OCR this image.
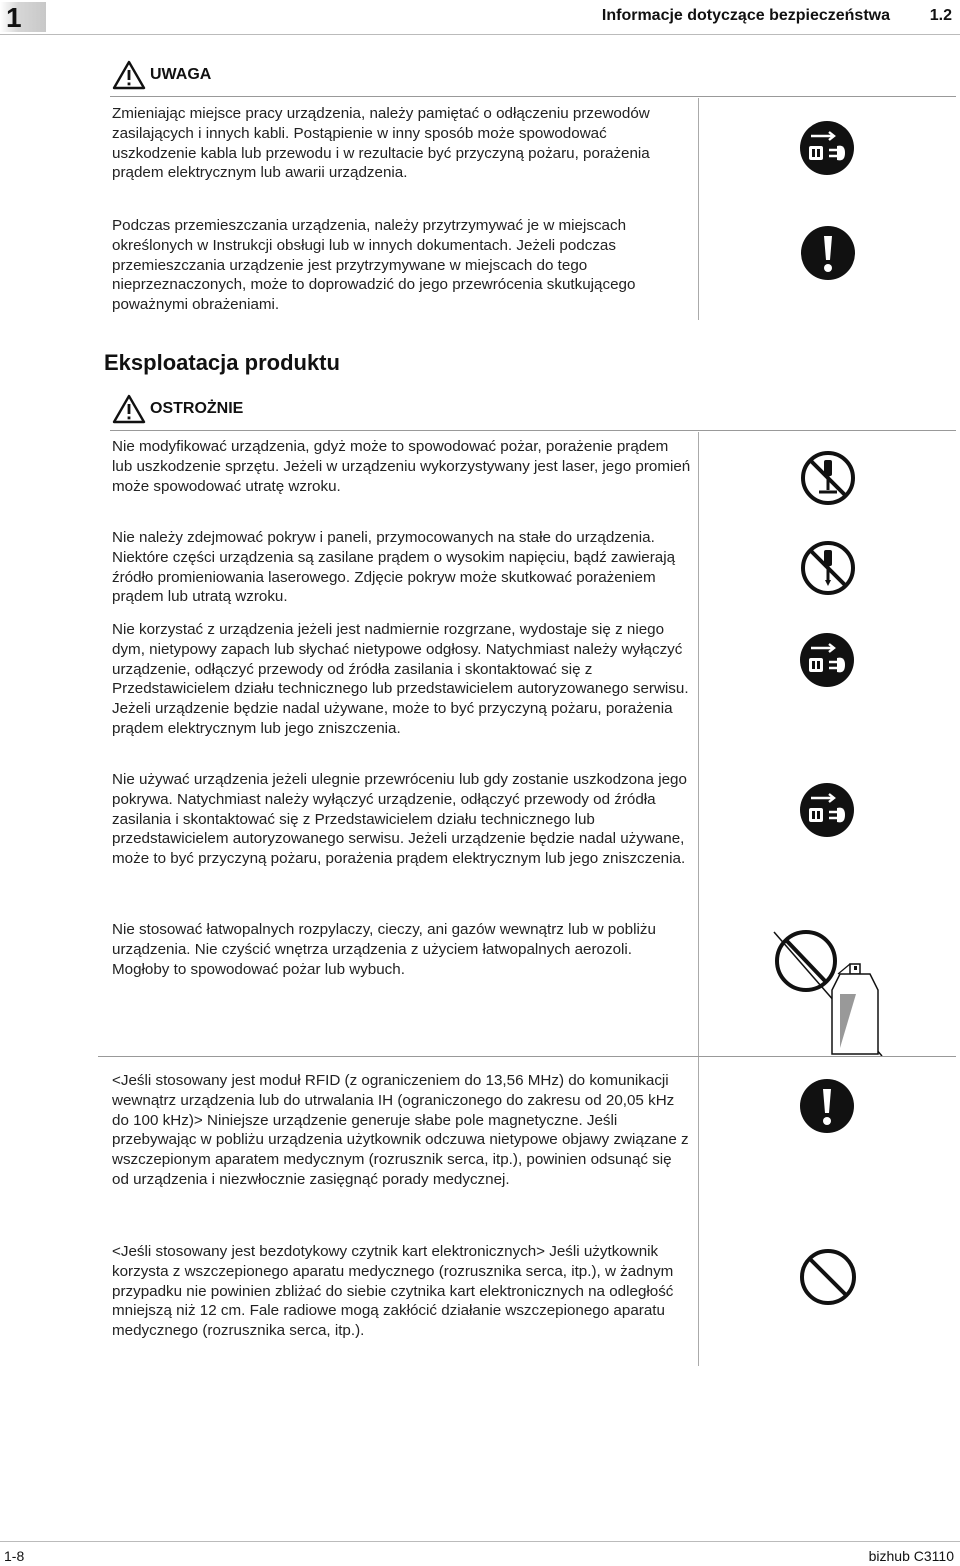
1	Informacje dotyczące bezpieczeństwa 1.2
UWAGA

Zmieniając miejsce pracy urządzenia, należy pamiętać o odłączeniu przewodów zasilających i innych kabli. Postąpienie w inny sposób może spowodować uszkodzenie kabla lub przewodu i w rezultacie być przyczyną pożaru, porażenia prądem elektrycznym lub awarii urządzenia.

Podczas przemieszczania urządzenia, należy przytrzymywać je w miejscach określonych w Instrukcji obsługi lub w innych dokumentach. Jeżeli podczas przemieszczania urządzenie jest przytrzymywane w miejscach do tego nieprzeznaczonych, może to doprowadzić do jego przewrócenia skutkującego poważnymi obrażeniami.

Eksploatacja produktu
OSTROŻNIE

Nie modyfikować urządzenia, gdyż może to spowodować pożar, porażenie prądem lub uszkodzenie sprzętu. Jeżeli w urządzeniu wykorzystywany jest laser, jego promień może spowodować utratę wzroku.

Nie należy zdejmować pokryw i paneli, przymocowanych na stałe do urządzenia. Niektóre części urządzenia są zasilane prądem o wysokim napięciu, bądź zawierają źródło promieniowania laserowego. Zdjęcie pokryw może skutkować porażeniem prądem lub utratą wzroku.

Nie korzystać z urządzenia jeżeli jest nadmiernie rozgrzane, wydostaje się z niego dym, nietypowy zapach lub słychać nietypowe odgłosy. Natychmiast należy wyłączyć urządzenie, odłączyć przewody od źródła zasilania i skontaktować się z Przedstawicielem działu technicznego lub przedstawicielem autoryzowanego serwisu. Jeżeli urządzenie będzie nadal używane, może to być przyczyną pożaru, porażenia prądem elektrycznym lub jego zniszczenia.

Nie używać urządzenia jeżeli ulegnie przewróceniu lub gdy zostanie uszkodzona jego pokrywa. Natychmiast należy wyłączyć urządzenie, odłączyć przewody od źródła zasilania i skontaktować się z Przedstawicielem działu technicznego lub przedstawicielem autoryzowanego serwisu. Jeżeli urządzenie będzie nadal używane, może to być przyczyną pożaru, porażenia prądem elektrycznym lub jego zniszczenia.

Nie stosować łatwopalnych rozpylaczy, cieczy, ani gazów wewnątrz lub w pobliżu urządzenia. Nie czyścić wnętrza urządzenia z użyciem łatwopalnych aerozoli. Mogłoby to spowodować pożar lub wybuch.

<Jeśli stosowany jest moduł RFID (z ograniczeniem do 13,56 MHz) do komunikacji wewnątrz urządzenia lub do utrwalania IH (ograniczonego do zakresu od 20,05 kHz do 100 kHz)> Niniejsze urządzenie generuje słabe pole magnetyczne. Jeśli przebywając w pobliżu urządzenia użytkownik odczuwa nietypowe objawy związane z wszczepionym aparatem medycznym (rozrusznik serca, itp.), powinien odsunąć się od urządzenia i niezwłocznie zasięgnąć porady medycznej.

<Jeśli stosowany jest bezdotykowy czytnik kart elektronicznych> Jeśli użytkownik korzysta z wszczepionego aparatu medycznego (rozrusznika serca, itp.), w żadnym przypadku nie powinien zbliżać do siebie czytnika kart elektronicznych na odległość mniejszą niż 12 cm. Fale radiowe mogą zakłócić działanie wszczepionego aparatu medycznego (rozrusznika serca, itp.).

1-8	bizhub C3110
